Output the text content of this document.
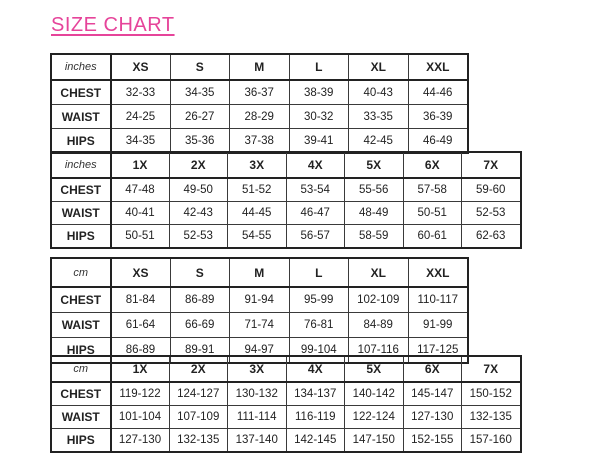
SIZE CHART
inches	XS	S	M	L	XL	XXL
CHEST	32-33	34-35	36-37	38-39	40-43	44-46
WAIST	24-25	26-27	28-29	30-32	33-35	36-39
HIPS	34-35	35-36	37-38	39-41	42-45	46-49
inches	1X	2X	3X	4X	5X	6X	7X
CHEST	47-48	49-50	51-52	53-54	55-56	57-58	59-60
WAIST	40-41	42-43	44-45	46-47	48-49	50-51	52-53
HIPS	50-51	52-53	54-55	56-57	58-59	60-61	62-63
cm	XS	S	M	L	XL	XXL
CHEST	81-84	86-89	91-94	95-99	102-109	110-117
WAIST	61-64	66-69	71-74	76-81	84-89	91-99
HIPS	86-89	89-91	94-97	99-104	107-116	117-125
cm	1X	2X	3X	4X	5X	6X	7X
CHEST	119-122	124-127	130-132	134-137	140-142	145-147	150-152
WAIST	101-104	107-109	111-114	116-119	122-124	127-130	132-135
HIPS	127-130	132-135	137-140	142-145	147-150	152-155	157-160
